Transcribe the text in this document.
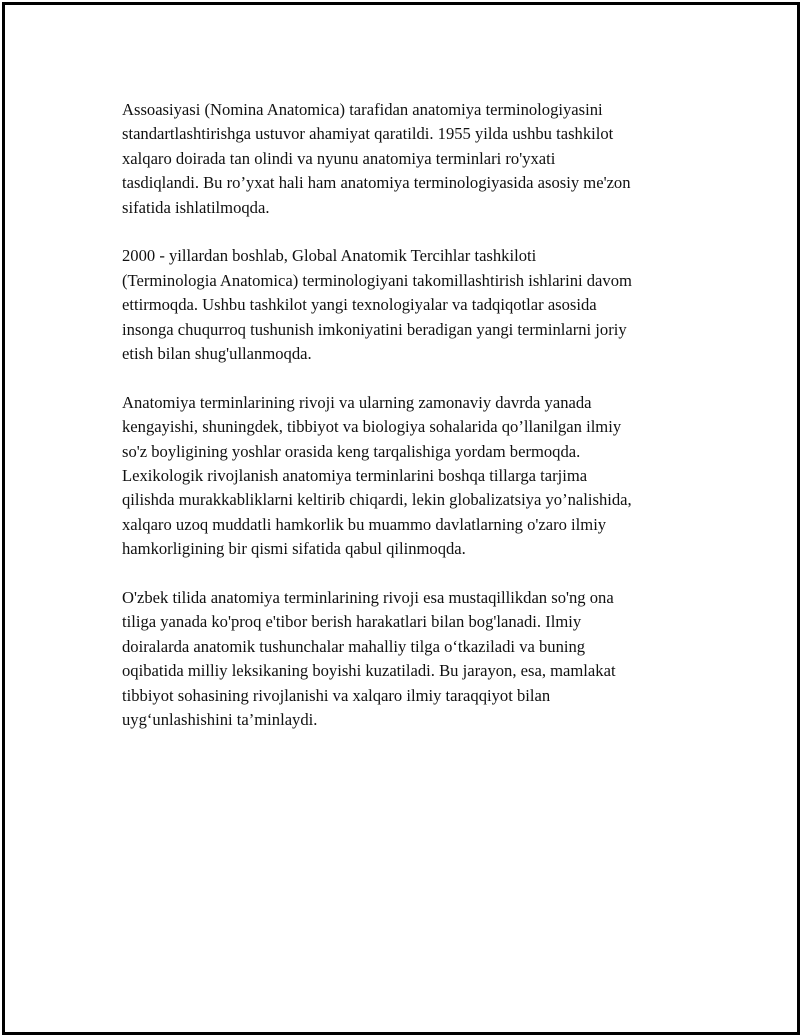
Assoasiyasi (Nomina Anatomica) tarafidan anatomiya terminologiyasini
standartlashtirishga ustuvor ahamiyat qaratildi. 1955 yilda ushbu tashkilot
xalqaro doirada tan olindi va nyunu anatomiya terminlari ro'yxati
tasdiqlandi. Bu ro’yxat hali ham anatomiya terminologiyasida asosiy me'zon
sifatida ishlatilmoqda.

2000 - yillardan boshlab, Global Anatomik Tercihlar tashkiloti
(Terminologia Anatomica) terminologiyani takomillashtirish ishlarini davom
ettirmoqda. Ushbu tashkilot yangi texnologiyalar va tadqiqotlar asosida
insonga chuqurroq tushunish imkoniyatini beradigan yangi terminlarni joriy
etish bilan shug'ullanmoqda.

Anatomiya terminlarining rivoji va ularning zamonaviy davrda yanada
kengayishi, shuningdek, tibbiyot va biologiya sohalarida qo’llanilgan ilmiy
so'z boyligining yoshlar orasida keng tarqalishiga yordam bermoqda.
Lexikologik rivojlanish anatomiya terminlarini boshqa tillarga tarjima
qilishda murakkabliklarni keltirib chiqardi, lekin globalizatsiya yo’nalishida,
xalqaro uzoq muddatli hamkorlik bu muammo davlatlarning o'zaro ilmiy
hamkorligining bir qismi sifatida qabul qilinmoqda.

O'zbek tilida anatomiya terminlarining rivoji esa mustaqillikdan so'ng ona
tiliga yanada ko'proq e'tibor berish harakatlari bilan bog'lanadi. Ilmiy
doiralarda anatomik tushunchalar mahalliy tilga o‘tkaziladi va buning
oqibatida milliy leksikaning boyishi kuzatiladi. Bu jarayon, esa, mamlakat
tibbiyot sohasining rivojlanishi va xalqaro ilmiy taraqqiyot bilan
uyg‘unlashishini ta’minlaydi.
